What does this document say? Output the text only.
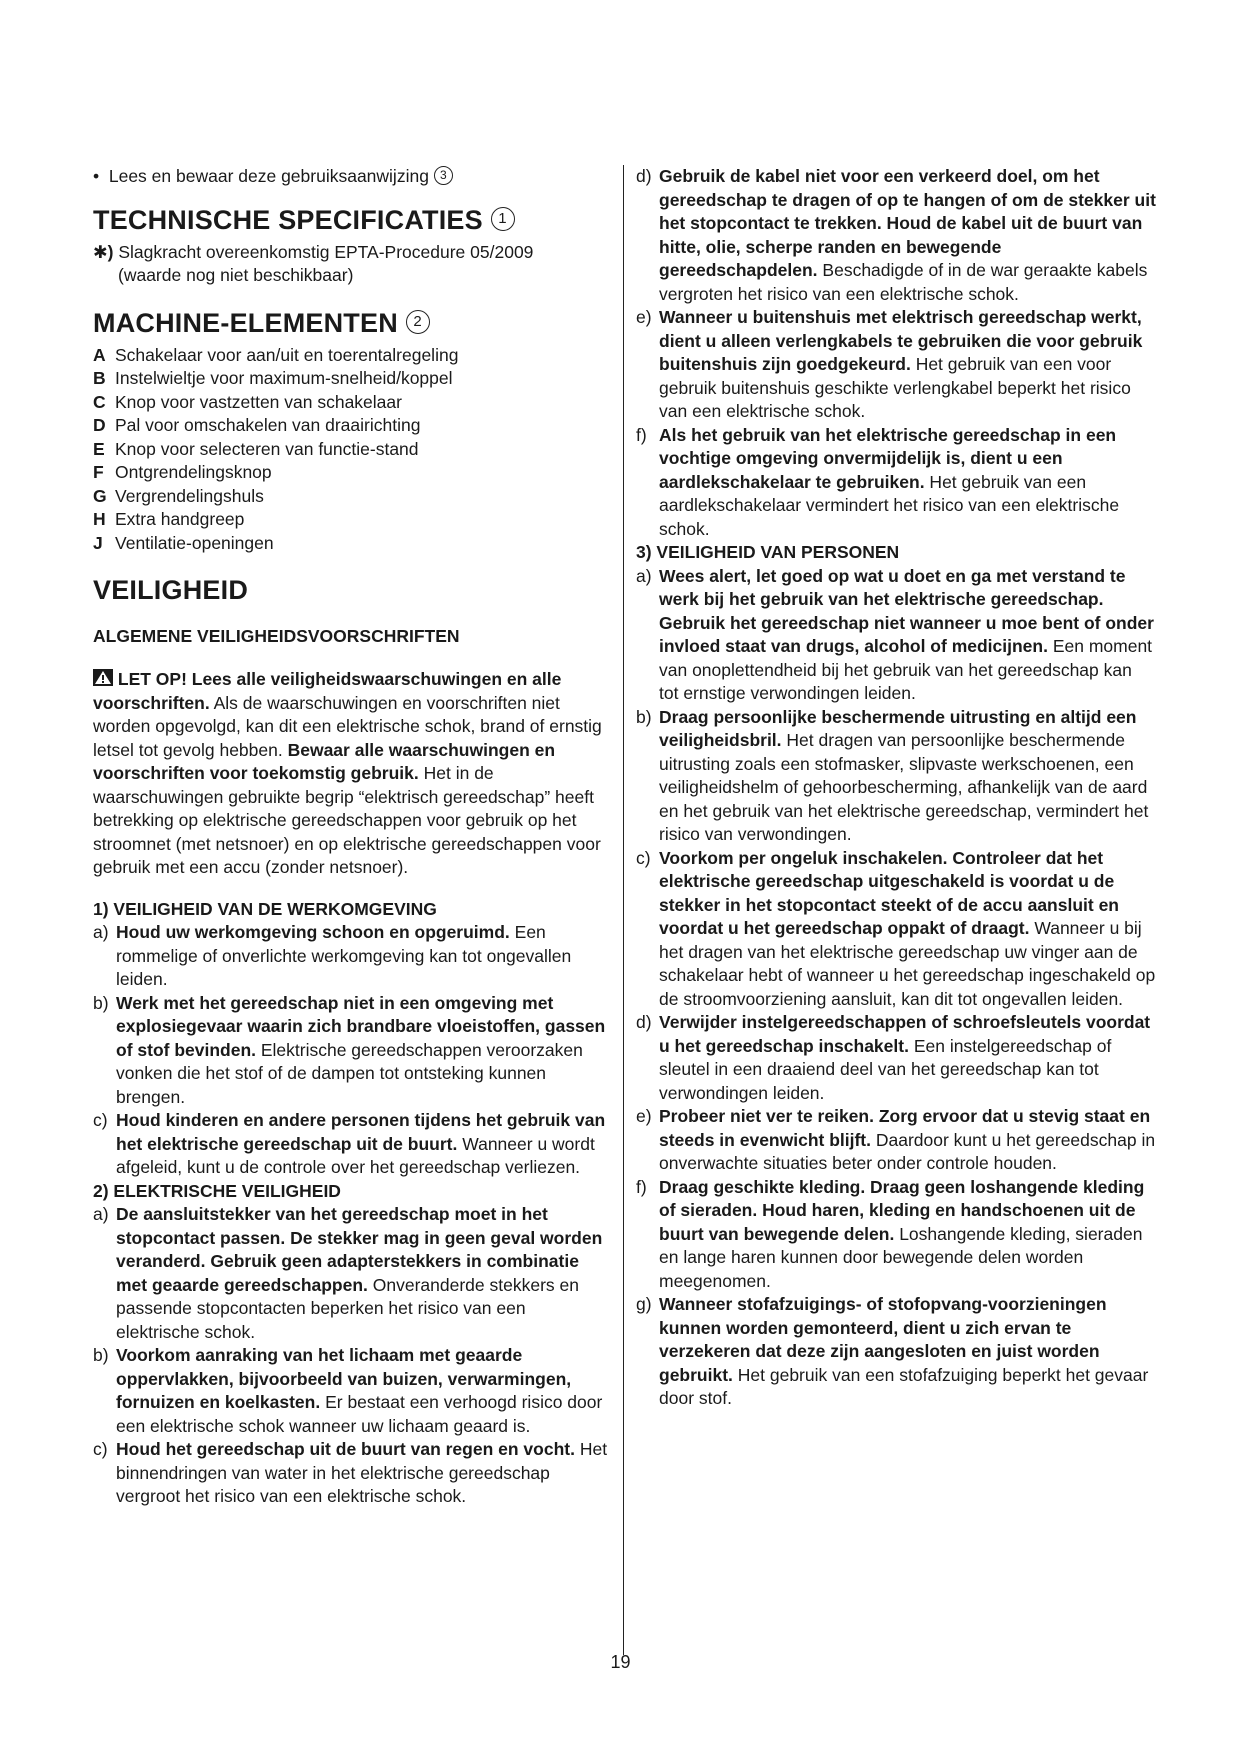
•  Lees en bewaar deze gebruiksaanwijzing 3
TECHNISCHE SPECIFICATIES 1
✱) Slagkracht overeenkomstig EPTA-Procedure 05/2009
(waarde nog niet beschikbaar)
MACHINE-ELEMENTEN 2
A Schakelaar voor aan/uit en toerentalregeling
B Instelwieltje voor maximum-snelheid/koppel
C Knop voor vastzetten van schakelaar
D Pal voor omschakelen van draairichting
E Knop voor selecteren van functie-stand
F Ontgrendelingsknop
G Vergrendelingshuls
H Extra handgreep
J Ventilatie-openingen
VEILIGHEID
ALGEMENE VEILIGHEIDSVOORSCHRIFTEN
LET OP! Lees alle veiligheidswaarschuwingen en alle voorschriften. Als de waarschuwingen en voorschriften niet worden opgevolgd, kan dit een elektrische schok, brand of ernstig letsel tot gevolg hebben. Bewaar alle waarschuwingen en voorschriften voor toekomstig gebruik. Het in de waarschuwingen gebruikte begrip “elektrisch gereedschap” heeft betrekking op elektrische gereedschappen voor gebruik op het stroomnet (met netsnoer) en op elektrische gereedschappen voor gebruik met een accu (zonder netsnoer).
1) VEILIGHEID VAN DE WERKOMGEVING
a) Houd uw werkomgeving schoon en opgeruimd. Een rommelige of onverlichte werkomgeving kan tot ongevallen leiden.
b) Werk met het gereedschap niet in een omgeving met explosiegevaar waarin zich brandbare vloeistoffen, gassen of stof bevinden. Elektrische gereedschappen veroorzaken vonken die het stof of de dampen tot ontsteking kunnen brengen.
c) Houd kinderen en andere personen tijdens het gebruik van het elektrische gereedschap uit de buurt. Wanneer u wordt afgeleid, kunt u de controle over het gereedschap verliezen.
2) ELEKTRISCHE VEILIGHEID
a) De aansluitstekker van het gereedschap moet in het stopcontact passen. De stekker mag in geen geval worden veranderd. Gebruik geen adapterstekkers in combinatie met geaarde gereedschappen. Onveranderde stekkers en passende stopcontacten beperken het risico van een elektrische schok.
b) Voorkom aanraking van het lichaam met geaarde oppervlakken, bijvoorbeeld van buizen, verwarmingen, fornuizen en koelkasten. Er bestaat een verhoogd risico door een elektrische schok wanneer uw lichaam geaard is.
c) Houd het gereedschap uit de buurt van regen en vocht. Het binnendringen van water in het elektrische gereedschap vergroot het risico van een elektrische schok.
d) Gebruik de kabel niet voor een verkeerd doel, om het gereedschap te dragen of op te hangen of om de stekker uit het stopcontact te trekken. Houd de kabel uit de buurt van hitte, olie, scherpe randen en bewegende gereedschapdelen. Beschadigde of in de war geraakte kabels vergroten het risico van een elektrische schok.
e) Wanneer u buitenshuis met elektrisch gereedschap werkt, dient u alleen verlengkabels te gebruiken die voor gebruik buitenshuis zijn goedgekeurd. Het gebruik van een voor gebruik buitenshuis geschikte verlengkabel beperkt het risico van een elektrische schok.
f) Als het gebruik van het elektrische gereedschap in een vochtige omgeving onvermijdelijk is, dient u een aardlekschakelaar te gebruiken. Het gebruik van een aardlekschakelaar vermindert het risico van een elektrische schok.
3) VEILIGHEID VAN PERSONEN
a) Wees alert, let goed op wat u doet en ga met verstand te werk bij het gebruik van het elektrische gereedschap. Gebruik het gereedschap niet wanneer u moe bent of onder invloed staat van drugs, alcohol of medicijnen. Een moment van onoplettendheid bij het gebruik van het gereedschap kan tot ernstige verwondingen leiden.
b) Draag persoonlijke beschermende uitrusting en altijd een veiligheidsbril. Het dragen van persoonlijke beschermende uitrusting zoals een stofmasker, slipvaste werkschoenen, een veiligheidshelm of gehoorbescherming, afhankelijk van de aard en het gebruik van het elektrische gereedschap, vermindert het risico van verwondingen.
c) Voorkom per ongeluk inschakelen. Controleer dat het elektrische gereedschap uitgeschakeld is voordat u de stekker in het stopcontact steekt of de accu aansluit en voordat u het gereedschap oppakt of draagt. Wanneer u bij het dragen van het elektrische gereedschap uw vinger aan de schakelaar hebt of wanneer u het gereedschap ingeschakeld op de stroomvoorziening aansluit, kan dit tot ongevallen leiden.
d) Verwijder instelgereedschappen of schroefsleutels voordat u het gereedschap inschakelt. Een instelgereedschap of sleutel in een draaiend deel van het gereedschap kan tot verwondingen leiden.
e) Probeer niet ver te reiken. Zorg ervoor dat u stevig staat en steeds in evenwicht blijft. Daardoor kunt u het gereedschap in onverwachte situaties beter onder controle houden.
f) Draag geschikte kleding. Draag geen loshangende kleding of sieraden. Houd haren, kleding en handschoenen uit de buurt van bewegende delen. Loshangende kleding, sieraden en lange haren kunnen door bewegende delen worden meegenomen.
g) Wanneer stofafzuigings- of stofopvang-voorzieningen kunnen worden gemonteerd, dient u zich ervan te verzekeren dat deze zijn aangesloten en juist worden gebruikt. Het gebruik van een stofafzuiging beperkt het gevaar door stof.
19
